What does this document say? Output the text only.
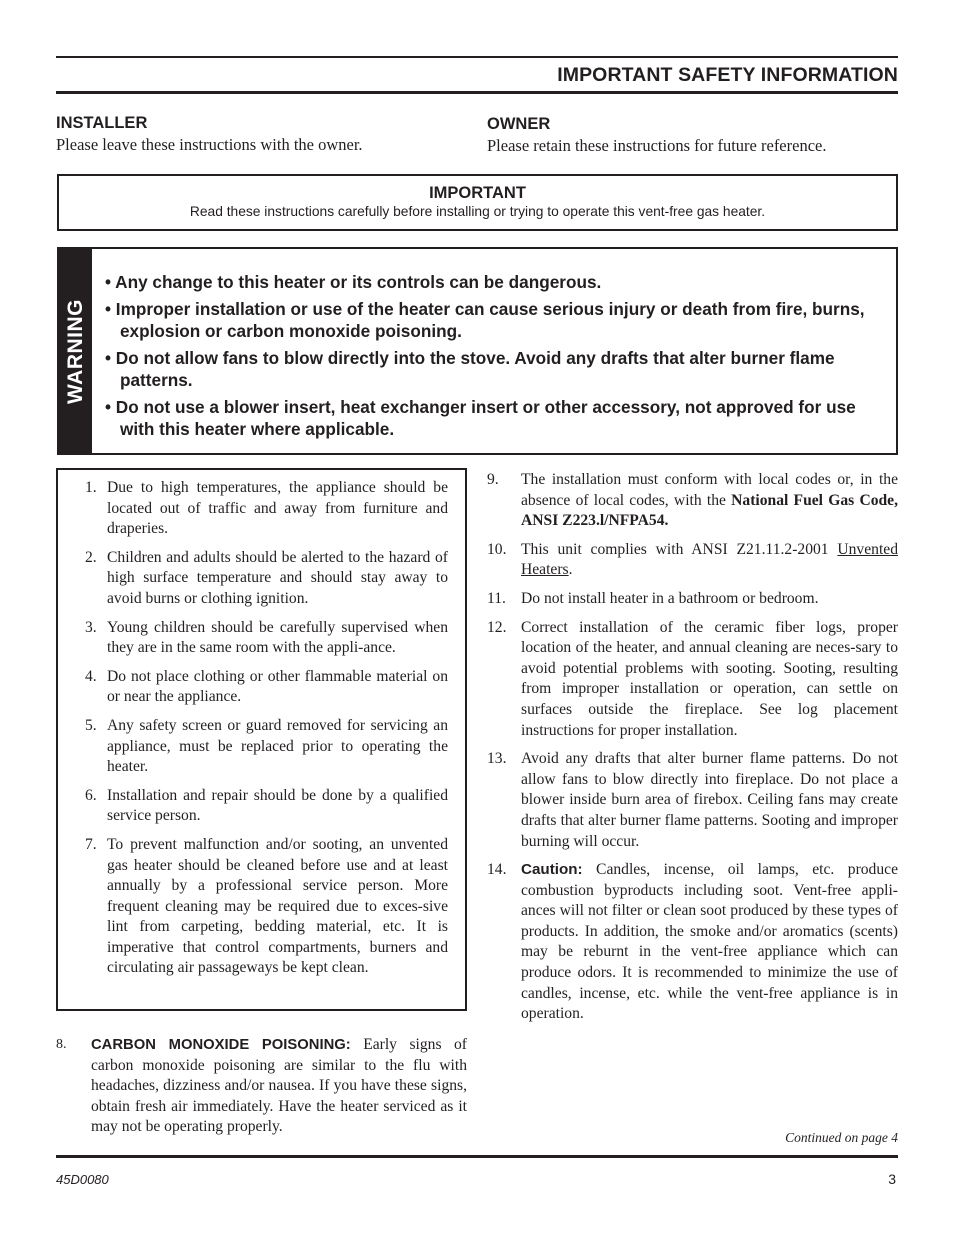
IMPORTANT SAFETY INFORMATION
INSTALLER
Please leave these instructions with the owner.
OWNER
Please retain these instructions for future reference.
IMPORTANT
Read these instructions carefully before installing or trying to operate this vent-free gas heater.
WARNING
• Any change to this heater or its controls can be dangerous.
• Improper installation or use of the heater can cause serious injury or death from fire, burns, explosion or carbon monoxide poisoning.
• Do not allow fans to blow directly into the stove. Avoid any drafts that alter burner flame patterns.
• Do not use a blower insert, heat exchanger insert or other accessory, not approved for use with this heater where applicable.
1. Due to high temperatures, the appliance should be located out of traffic and away from furniture and draperies.
2. Children and adults should be alerted to the hazard of high surface temperature and should stay away to avoid burns or clothing ignition.
3. Young children should be carefully supervised when they are in the same room with the appli-ance.
4. Do not place clothing or other flammable material on or near the appliance.
5. Any safety screen or guard removed for servicing an appliance, must be replaced prior to operating the heater.
6. Installation and repair should be done by a qualified service person.
7. To prevent malfunction and/or sooting, an unvented gas heater should be cleaned before use and at least annually by a professional service person. More frequent cleaning may be required due to exces-sive lint from carpeting, bedding material, etc. It is imperative that control compartments, burners and circulating air passageways be kept clean.
8. CARBON MONOXIDE POISONING: Early signs of carbon monoxide poisoning are similar to the flu with headaches, dizziness and/or nausea. If you have these signs, obtain fresh air immediately. Have the heater serviced as it may not be operating properly.
9. The installation must conform with local codes or, in the absence of local codes, with the National Fuel Gas Code, ANSI Z223.l/NFPA54.
10. This unit complies with ANSI Z21.11.2-2001 Unvented Heaters.
11. Do not install heater in a bathroom or bedroom.
12. Correct installation of the ceramic fiber logs, proper location of the heater, and annual cleaning are neces-sary to avoid potential problems with sooting. Sooting, resulting from improper installation or operation, can settle on surfaces outside the fireplace. See log placement instructions for proper installation.
13. Avoid any drafts that alter burner flame patterns. Do not allow fans to blow directly into fireplace. Do not place a blower inside burn area of firebox. Ceiling fans may create drafts that alter burner flame patterns. Sooting and improper burning will occur.
14. Caution: Candles, incense, oil lamps, etc. produce combustion byproducts including soot. Vent-free appli-ances will not filter or clean soot produced by these types of products. In addition, the smoke and/or aromatics (scents) may be reburnt in the vent-free appliance which can produce odors. It is recommended to minimize the use of candles, incense, etc. while the vent-free appliance is in operation.
Continued on page 4
45D0080	3
